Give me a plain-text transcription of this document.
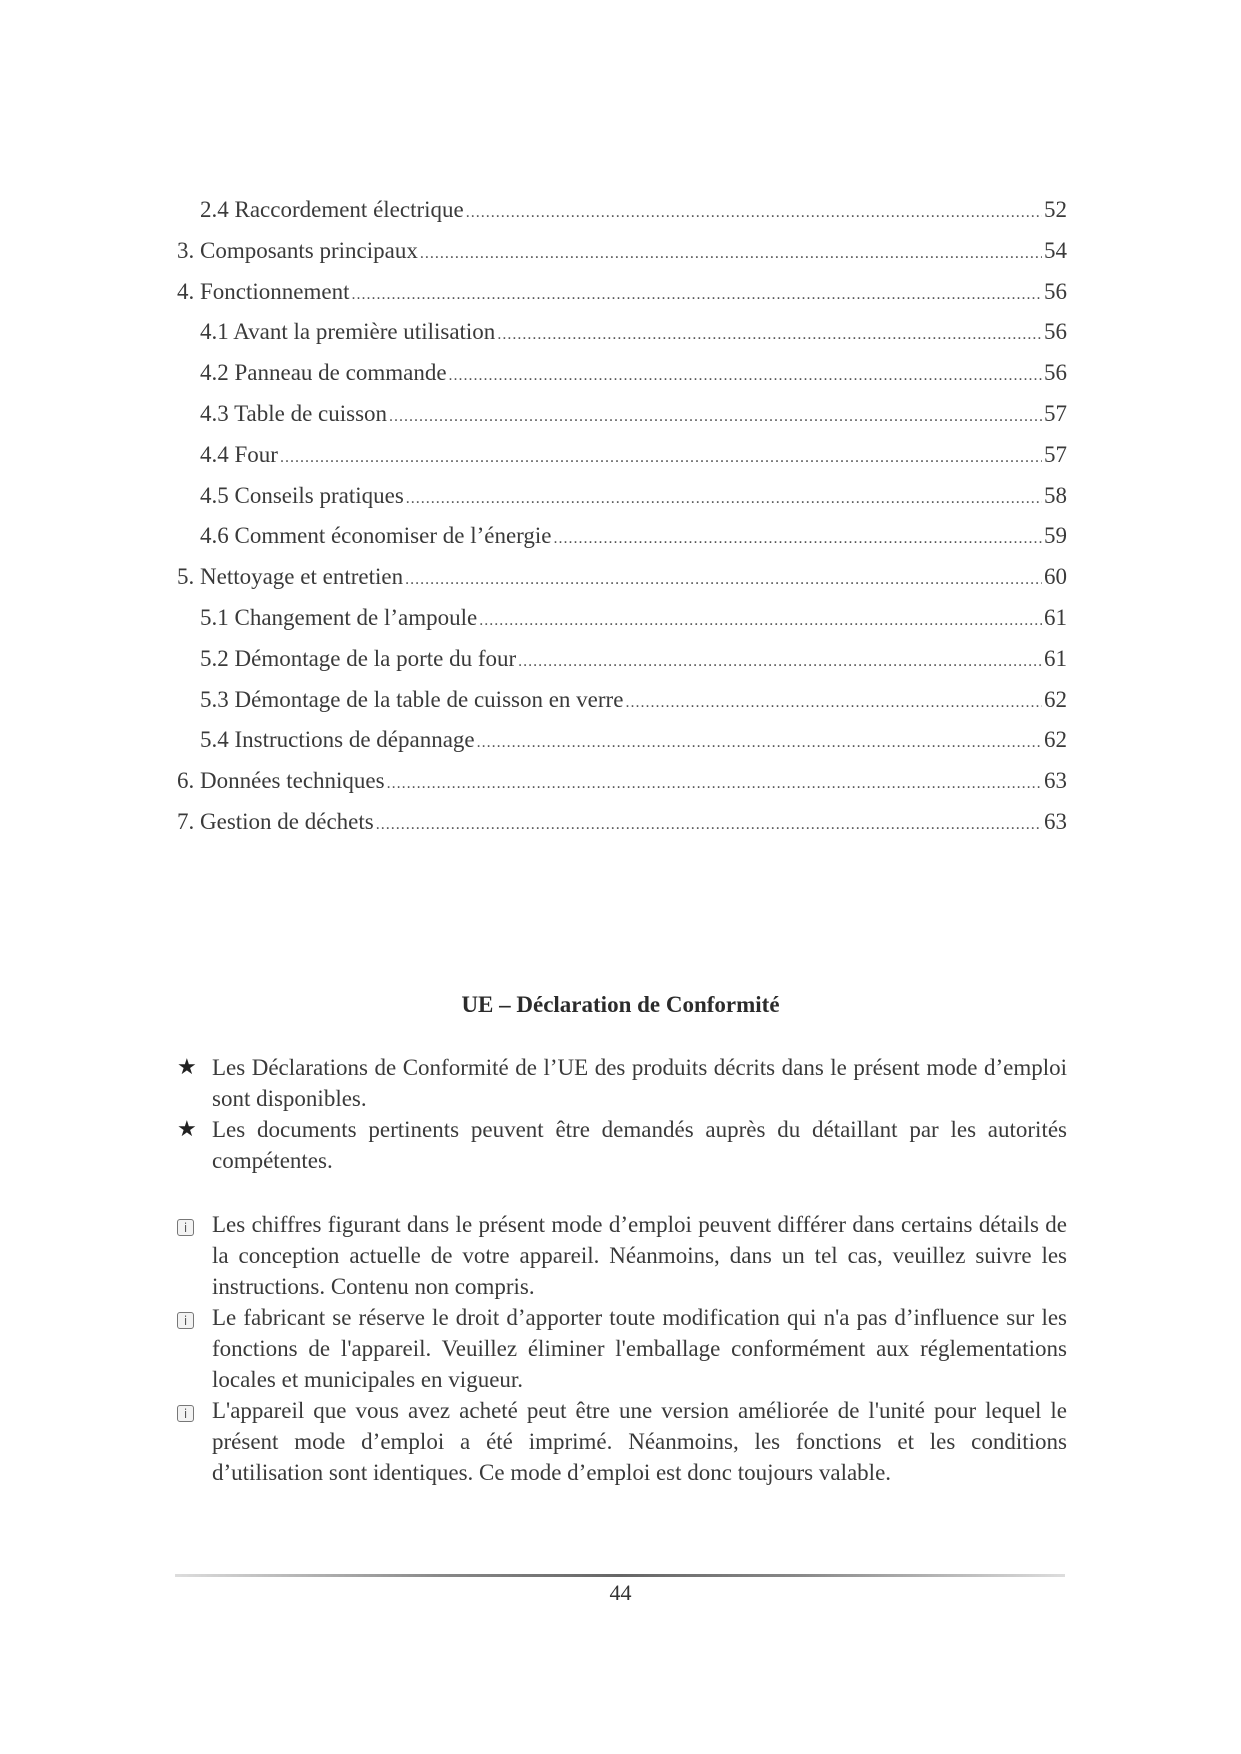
2.4 Raccordement électrique .....	52
3. Composants principaux .....	54
4. Fonctionnement .....	56
4.1 Avant la première utilisation .....	56
4.2 Panneau de commande .....	56
4.3 Table de cuisson .....	57
4.4 Four .....	57
4.5 Conseils pratiques .....	58
4.6 Comment économiser de l’énergie .....	59
5. Nettoyage et entretien .....	60
5.1 Changement de l’ampoule .....	61
5.2 Démontage de la porte du four .....	61
5.3 Démontage de la table de cuisson en verre .....	62
5.4 Instructions de dépannage .....	62
6. Données techniques .....	63
7. Gestion de déchets .....	63
UE – Déclaration de Conformité
★ Les Déclarations de Conformité de l’UE des produits décrits dans le présent mode d’emploi sont disponibles.
★ Les documents pertinents peuvent être demandés auprès du détaillant par les autorités compétentes.
i	Les chiffres figurant dans le présent mode d’emploi peuvent différer dans certains détails de la conception actuelle de votre appareil. Néanmoins, dans un tel cas, veuillez suivre les instructions. Contenu non compris.
i	Le fabricant se réserve le droit d’apporter toute modification qui n'a pas d’influence sur les fonctions de l'appareil. Veuillez éliminer l'emballage conformément aux réglementations locales et municipales en vigueur.
i	L'appareil que vous avez acheté peut être une version améliorée de l'unité pour lequel le présent mode d’emploi a été imprimé. Néanmoins, les fonctions et les conditions d’utilisation sont identiques. Ce mode d’emploi est donc toujours valable.
44
